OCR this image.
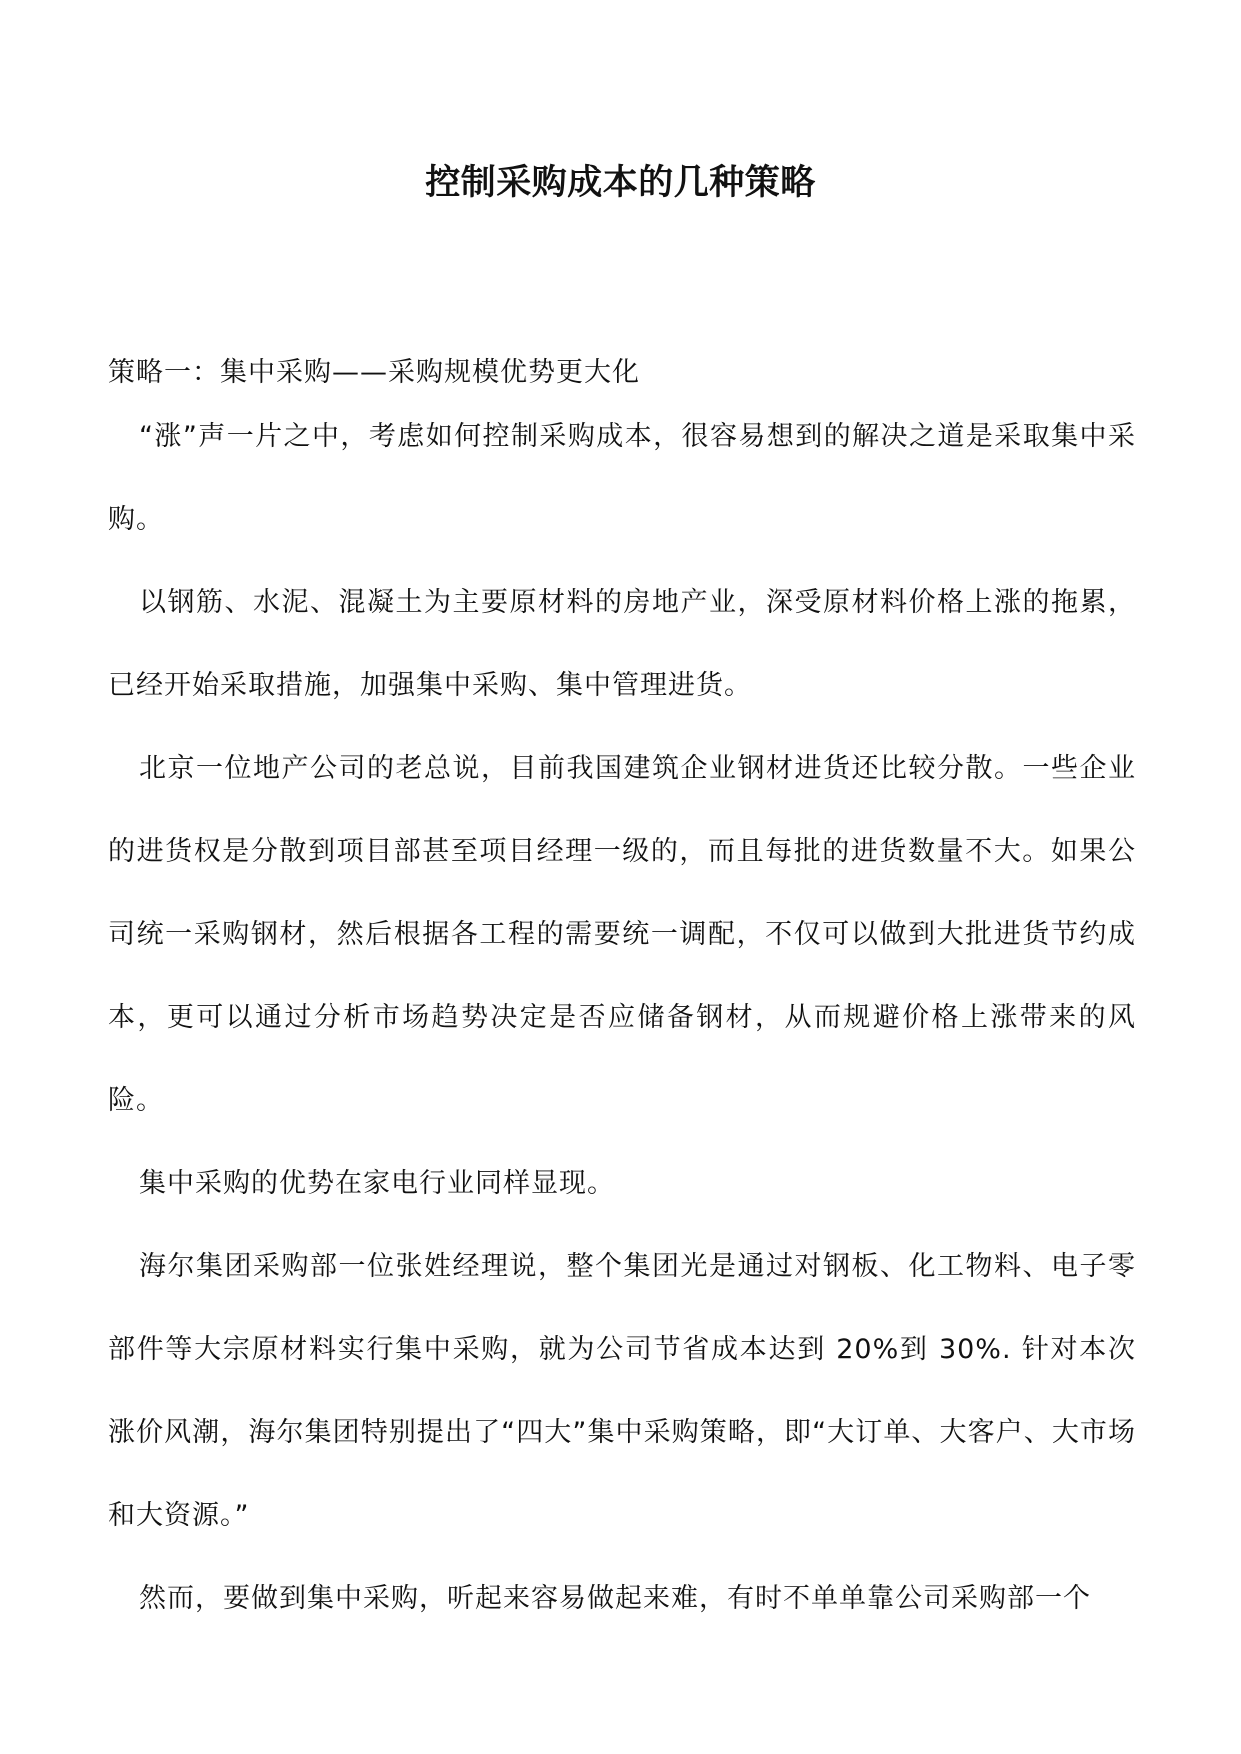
控制采购成本的几种策略

策略一：集中采购——采购规模优势更大化

“涨”声一片之中，考虑如何控制采购成本，很容易想到的解决之道是采取集中采购。

以钢筋、水泥、混凝土为主要原材料的房地产业，深受原材料价格上涨的拖累，已经开始采取措施，加强集中采购、集中管理进货。

北京一位地产公司的老总说，目前我国建筑企业钢材进货还比较分散。一些企业的进货权是分散到项目部甚至项目经理一级的，而且每批的进货数量不大。如果公司统一采购钢材，然后根据各工程的需要统一调配，不仅可以做到大批进货节约成本，更可以通过分析市场趋势决定是否应储备钢材，从而规避价格上涨带来的风险。

集中采购的优势在家电行业同样显现。

海尔集团采购部一位张姓经理说，整个集团光是通过对钢板、化工物料、电子零部件等大宗原材料实行集中采购，就为公司节省成本达到 20%到 30%. 针对本次涨价风潮，海尔集团特别提出了“四大”集中采购策略，即“大订单、大客户、大市场和大资源。”

然而，要做到集中采购，听起来容易做起来难，有时不单单靠公司采购部一个
